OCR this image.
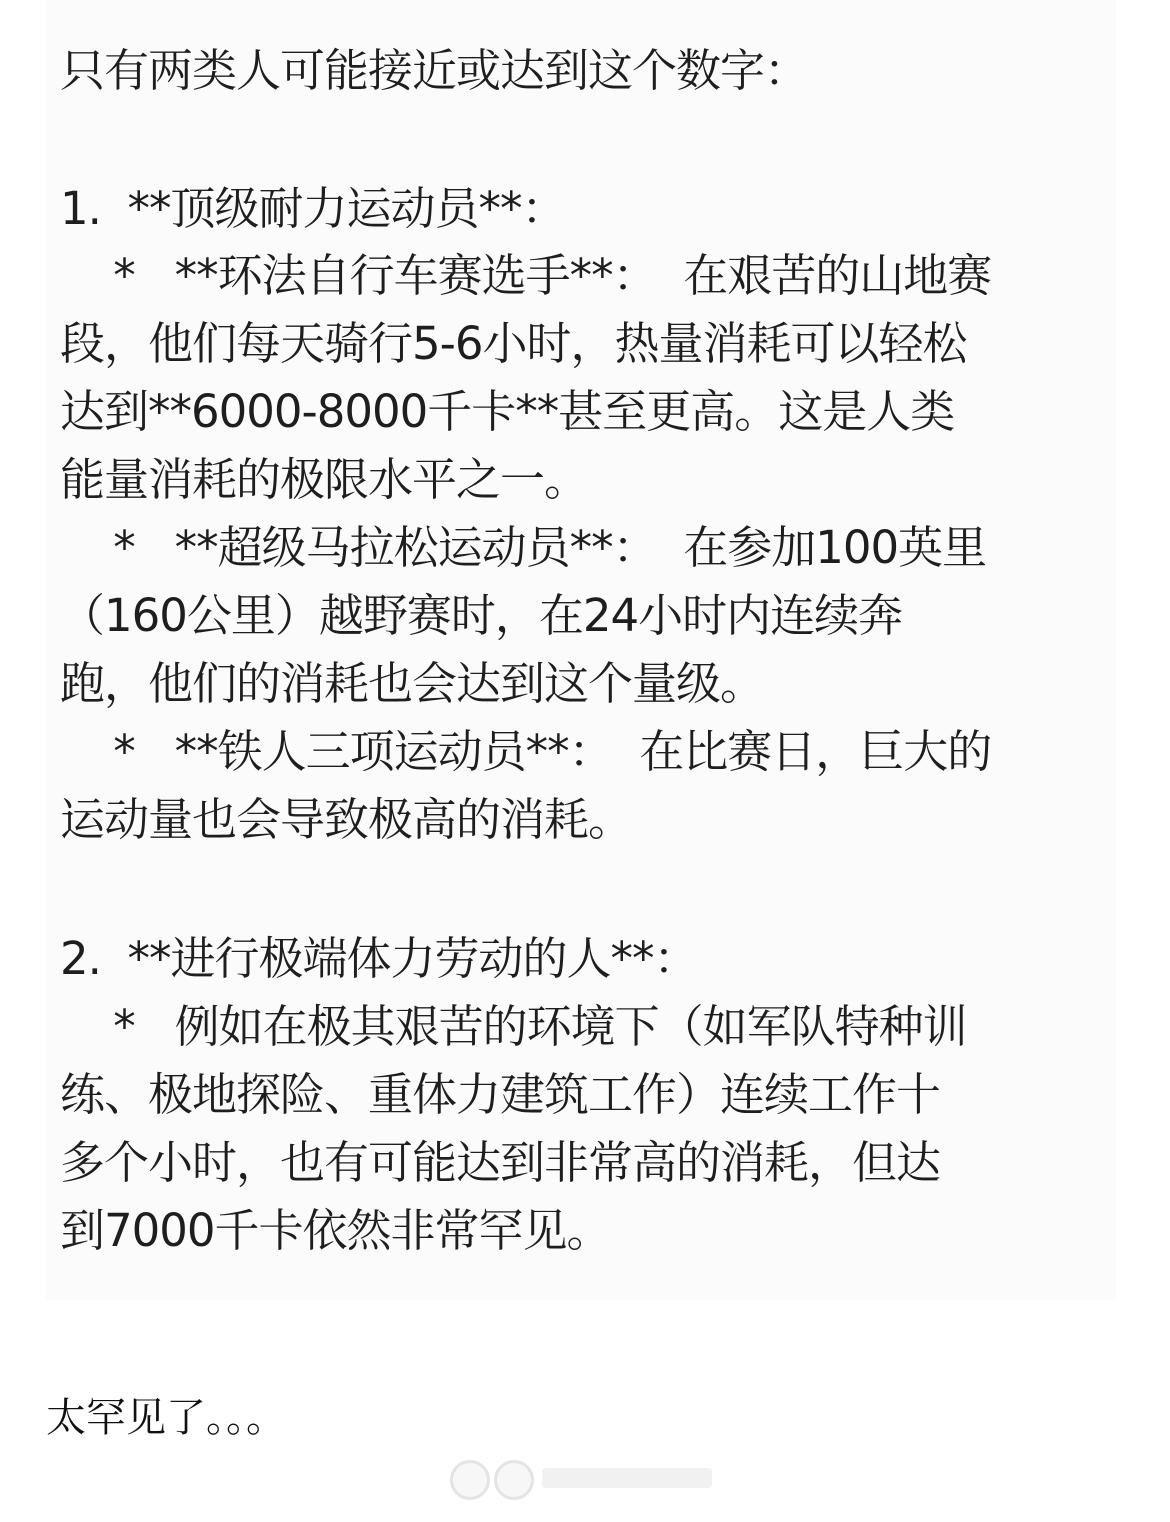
只有两类人可能接近或达到这个数字：
1.  **顶级耐力运动员**：
*   **环法自行车赛选手**：  在艰苦的山地赛
段，他们每天骑行5-6小时，热量消耗可以轻松
达到**6000-8000千卡**甚至更高。这是人类
能量消耗的极限水平之一。
*   **超级马拉松运动员**：  在参加100英里
（160公里）越野赛时，在24小时内连续奔
跑，他们的消耗也会达到这个量级。
*   **铁人三项运动员**：  在比赛日，巨大的
运动量也会导致极高的消耗。
2.  **进行极端体力劳动的人**：
*   例如在极其艰苦的环境下（如军队特种训
练、极地探险、重体力建筑工作）连续工作十
多个小时，也有可能达到非常高的消耗，但达
到7000千卡依然非常罕见。
太罕见了。。。
